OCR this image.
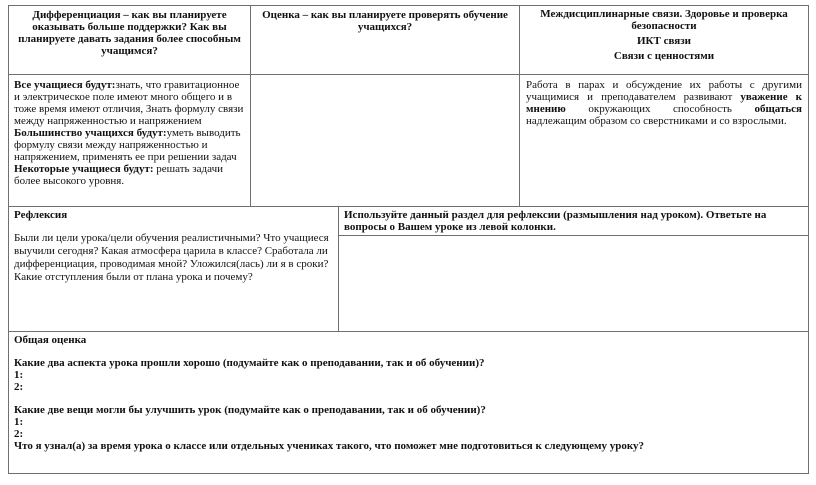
Дифференциация – как вы планируете оказывать больше поддержки? Как вы планируете давать задания более способным учащимся?

Оценка – как вы планируете проверять обучение учащихся?

Междисциплинарные связи. Здоровье и проверка безопасности

ИКТ связи

Связи с ценностями

Все учащиеся будут:знать, что гравитационное и электрическое поле имеют много общего и в тоже время имеют отличия, Знать формулу связи между напряженностью и напряжением

Большинство учащихся будут:уметь выводить формулу связи между напряженностью и напряжением, применять ее при решении задач

Некоторые учащиеся будут: решать задачи более высокого уровня.

Работа в парах и обсуждение их работы с другими учащимися и преподавателем развивают уважение к мнению окружающих способность общаться надлежащим образом со сверстниками и со взрослыми.

Рефлексия

Были ли цели урока/цели обучения реалистичными? Что учащиеся выучили сегодня? Какая атмосфера царила в классе? Сработала ли дифференциация, проводимая мной? Уложился(лась) ли я в сроки? Какие отступления были от плана урока и почему?

Используйте данный раздел для рефлексии (размышления над уроком). Ответьте на вопросы о Вашем уроке из левой колонки.

Общая оценка

Какие два аспекта урока прошли хорошо (подумайте как о преподавании, так и об обучении)?

1:

2:

Какие две вещи могли бы улучшить урок (подумайте как о преподавании, так и об обучении)?

1:

2:

Что я узнал(а) за время урока о классе или отдельных учениках такого, что поможет мне подготовиться к следующему уроку?
